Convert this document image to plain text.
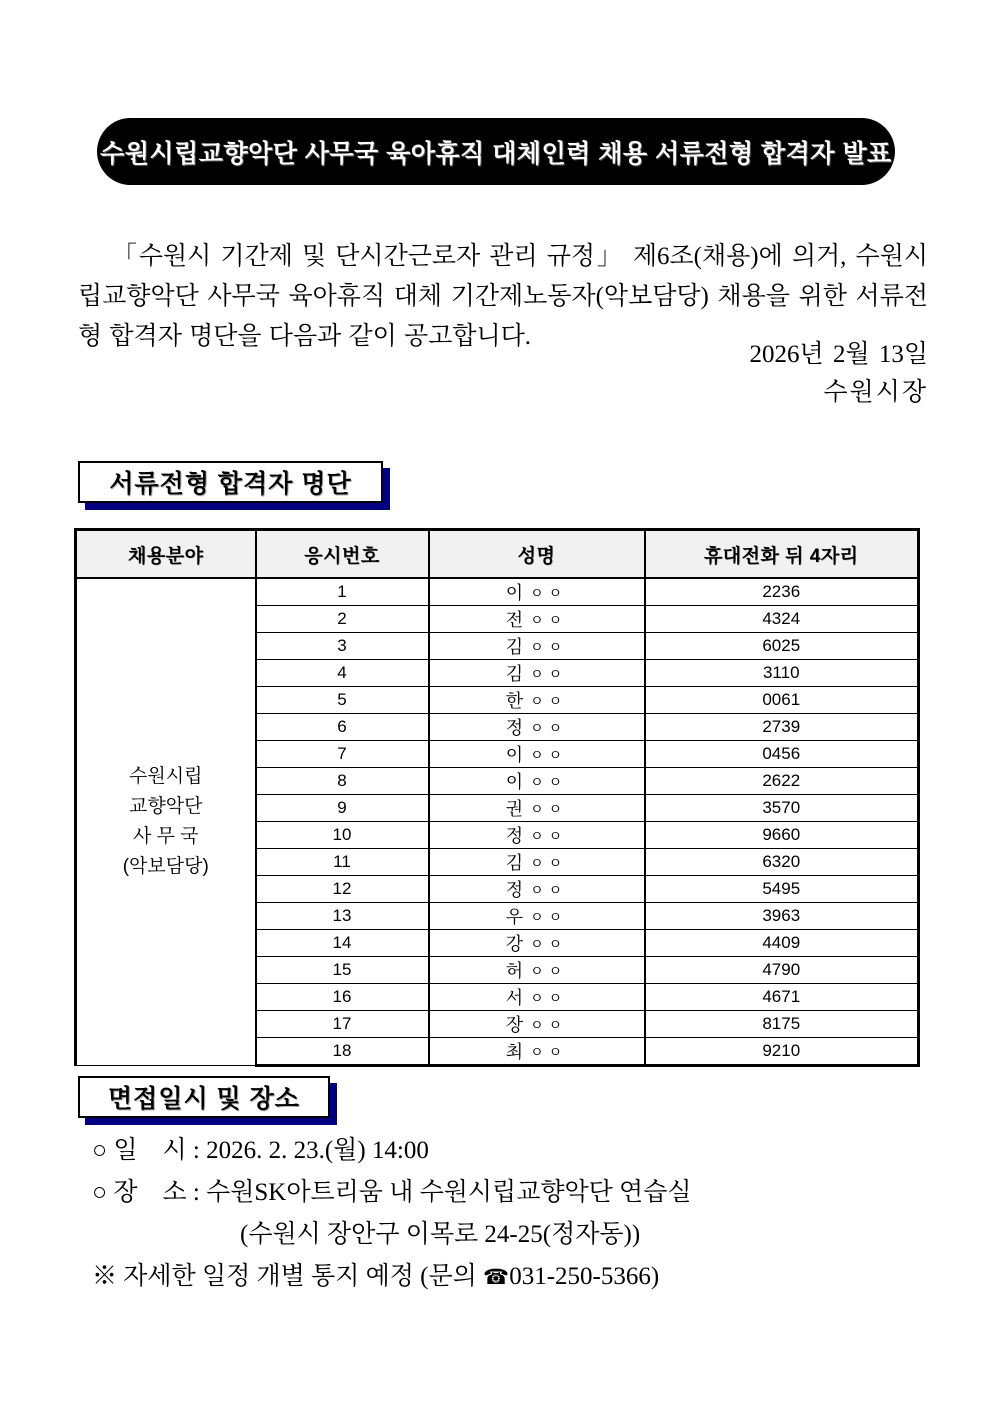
수원시립교향악단 사무국 육아휴직 대체인력 채용 서류전형 합격자 발표

「수원시 기간제 및 단시간근로자 관리 규정」 제6조(채용)에 의거, 수원시립교향악단 사무국 육아휴직 대체 기간제노동자(악보담당) 채용을 위한 서류전형 합격자 명단을 다음과 같이 공고합니다.

2026년 2월 13일
수원시장
서류전형 합격자 명단
채용분야	응시번호	성명	휴대전화 뒤 4자리

수원시립
교향악단
사 무 국
(악보담당)	1	이 ㅇㅇ	2236
	2	전 ㅇㅇ	4324
	3	김 ㅇㅇ	6025
	4	김 ㅇㅇ	3110
	5	한 ㅇㅇ	0061
	6	정 ㅇㅇ	2739
	7	이 ㅇㅇ	0456
	8	이 ㅇㅇ	2622
	9	권 ㅇㅇ	3570
	10	정 ㅇㅇ	9660
	11	김 ㅇㅇ	6320
	12	정 ㅇㅇ	5495
	13	우 ㅇㅇ	3963
	14	강 ㅇㅇ	4409
	15	허 ㅇㅇ	4790
	16	서 ㅇㅇ	4671
	17	장 ㅇㅇ	8175
	18	최 ㅇㅇ	9210
면접일시 및 장소
○ 일    시 : 2026. 2. 23.(월) 14:00
○ 장    소 : 수원SK아트리움 내 수원시립교향악단 연습실
(수원시 장안구 이목로 24-25(정자동))
※ 자세한 일정 개별 통지 예정 (문의 ☎031-250-5366)
